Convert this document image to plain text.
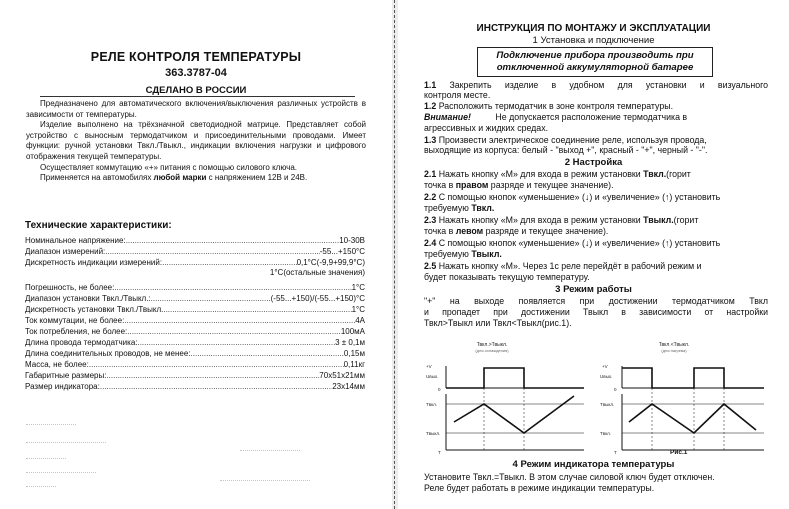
РЕЛЕ КОНТРОЛЯ ТЕМПЕРАТУРЫ
363.3787-04
СДЕЛАНО В РОССИИ

Предназначено для автоматического включения/выключения различных устройств в зависимости от температуры.

Изделие выполнено на трёхзначной светодиодной матрице. Представляет собой устройство с выносным термодатчиком и присоединительными проводами. Имеет функции: ручной установки Твкл./Твыкл., индикации включения нагрузки и цифрового отображения текущей температуры.

Осуществляет коммутацию «+» питания с помощью силового ключа.

Применяется на автомобилях любой марки с напряжением 12В и 24В.

Технические характеристики:
Номинальное напряжение: .....	10-30В
Диапазон измерений: .....	-55...+150°C
Дискретность индикации измерений: .....	0,1°C(-9,9+99,9°C)
1°C(остальные значения)
Погрешность, не более: .....	1°C
Диапазон установки Твкл./Твыкл.: .....	(-55...+150)/(-55...+150)°C
Дискретность установки Твкл./Твыкл. .....	1°C
Ток коммутации, не более: .....	4А
Ток потребления, не более: .....	100мА
Длина провода термодатчика: .....	3 ± 0,1м
Длина соединительных проводов, не менее: .....	0,15м
Масса, не более: .....	0,11кг
Габаритные размеры: .....	70х51х21мм
Размер индикатора: .....	23х14мм
ИНСТРУКЦИЯ ПО МОНТАЖУ И ЭКСПЛУАТАЦИИ
1 Установка и подключение
Подключение прибора производить при
отключенной аккумуляторной батарее
1.1 Закрепить изделие в удобном для установки и визуального
контроля месте.
1.2 Расположить термодатчик в зоне контроля температуры.
Внимание!	Не допускается расположение термодатчика в
агрессивных и жидких средах.
1.3 Произвести электрическое соединение реле, используя провода,
выходящие из корпуса: белый - "выход +", красный - "+", черный - "-".
2 Настройка
2.1 Нажать кнопку «М» для входа в режим установки Твкл.(горит
точка в правом разряде и текущее значение).
2.2 С помощью кнопок «уменьшение» (↓) и «увеличение» (↑) установить
требуемую Твкл.
2.3 Нажать кнопку «М» для входа в режим установки Твыкл.(горит
точка в левом разряде и текущее значение).
2.4 С помощью кнопок «уменьшение» (↓) и «увеличение» (↑) установить
требуемую Твыкл.
2.5 Нажать кнопку «М». Через 1с реле перейдёт в рабочий режим и
будет показывать текущую температуру.
3 Режим работы
"+" на выходе появляется при достижении термодатчиком Твкл
и пропадет при достижении Твыкл в зависимости от настройки
Твкл>Твыкл или Твкл<Твыкл(рис.1).
Твкл.>Твыкл.
(для охлаждения)
Твкл.<Твыкл.
(для нагрева)
+V
Uвых.
0
Tвкл.
Tвыкл.
T
+V
Uвых.
0
Tвыкл.
Tвкл.
T	Рис.1
4 Режим индикатора температуры
Установите Твкл.=Твыкл. В этом случае силовой ключ будет отключен.
Реле будет работать в режиме индикации температуры.
